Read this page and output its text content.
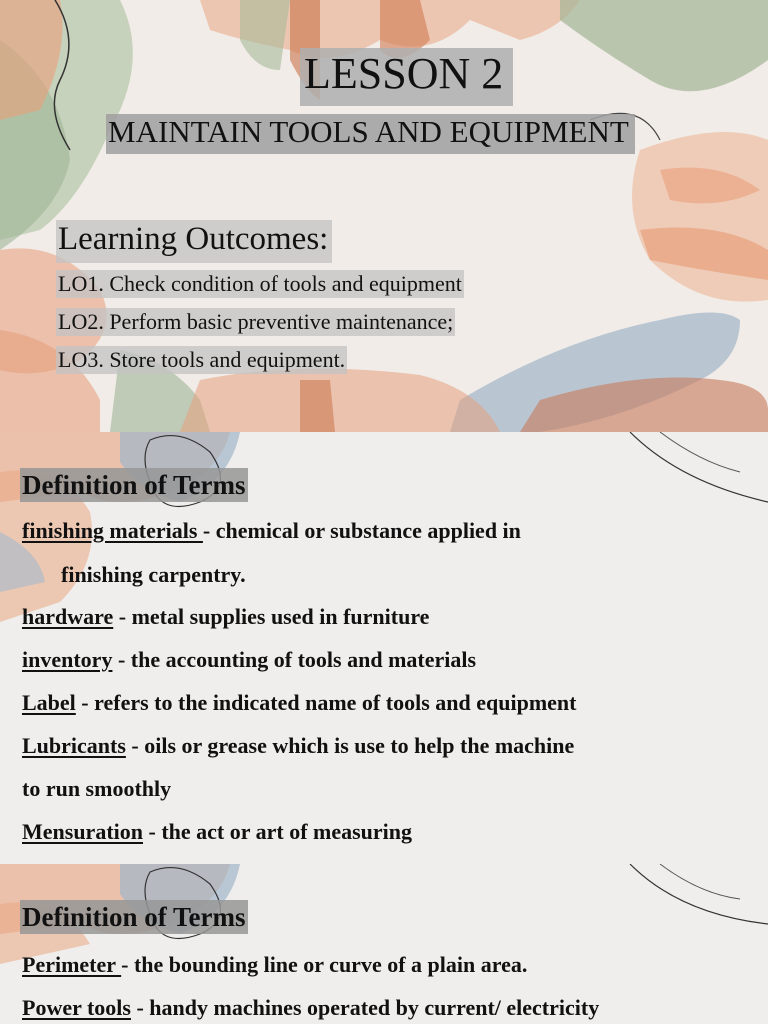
LESSON 2
MAINTAIN TOOLS AND EQUIPMENT
Learning Outcomes:
LO1. Check condition of tools and equipment
LO2. Perform basic preventive maintenance;
LO3. Store tools and equipment.
Definition of Terms
finishing materials - chemical or substance applied in
finishing carpentry.
hardware - metal supplies used in furniture
inventory - the accounting of tools and materials
Label - refers to the indicated name of tools and equipment
Lubricants - oils or grease which is use to help the machine
to run smoothly
Mensuration - the act or art of measuring
Definition of Terms
Perimeter - the bounding line or curve of a plain area.
Power tools - handy machines operated by current/ electricity
